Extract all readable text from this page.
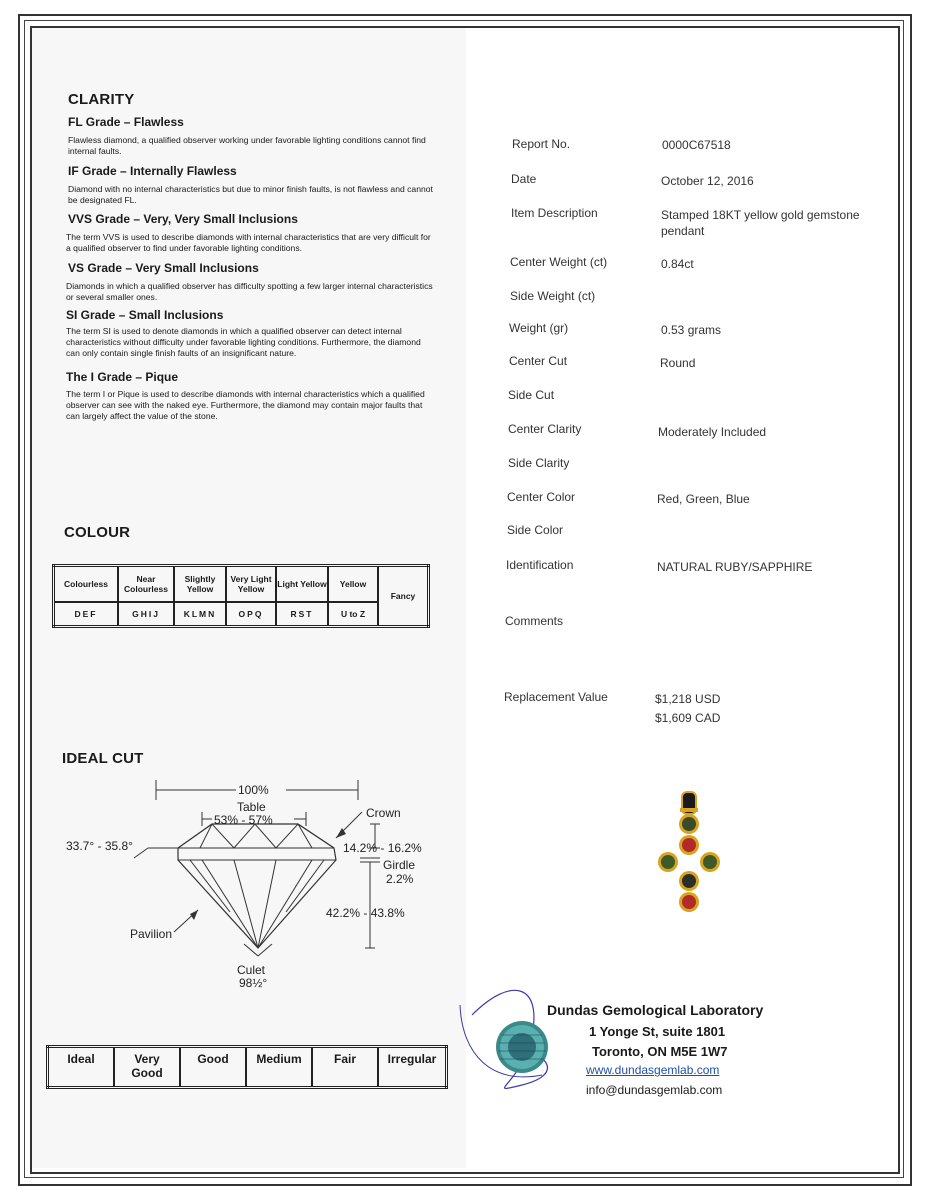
CLARITY
FL Grade – Flawless
Flawless diamond, a qualified observer working under favorable lighting conditions cannot find internal faults.
IF Grade – Internally Flawless
Diamond with no internal characteristics but due to minor finish faults, is not flawless and cannot be designated FL.
VVS Grade – Very, Very Small Inclusions
The term VVS is used to describe diamonds with internal characteristics that are very difficult for a qualified observer to find under favorable lighting conditions.
VS Grade – Very Small Inclusions
Diamonds in which a qualified observer has difficulty spotting a few larger internal characteristics or several smaller ones.
SI Grade – Small Inclusions
The term SI is used to denote diamonds in which a qualified observer can detect internal characteristics without difficulty under favorable lighting conditions. Furthermore, the diamond can only contain single finish faults of an insignificant nature.
The I Grade – Pique
The term I or Pique is used to describe diamonds with internal characteristics which a qualified observer can see with the naked eye. Furthermore, the diamond may contain major faults that can largely affect the value of the stone.
COLOUR
Colourless	Near Colourless	Slightly Yellow	Very Light Yellow	Light Yellow	Yellow	Fancy
DEF	GHIJ	KLMN	OPQ	RST	U to Z	
IDEAL CUT
100%
Table
53% - 57%	Crown
33.7° - 35.8°	14.2% - 16.2%
Girdle
2.2%
42.2% - 43.8%
Pavilion
Culet
98½°
Ideal	Very Good	Good	Medium	Fair	Irregular
Report No.	0000C67518
Date	October 12, 2016
Item Description	Stamped 18KT yellow gold gemstone pendant
Center Weight (ct)	0.84ct
Side Weight (ct)
Weight (gr)	0.53 grams
Center Cut	Round
Side Cut
Center Clarity	Moderately Included
Side Clarity
Center Color	Red, Green, Blue
Side Color
Identification	NATURAL RUBY/SAPPHIRE
Comments
Replacement Value	$1,218 USD
$1,609 CAD
Dundas Gemological Laboratory
1 Yonge St, suite 1801
Toronto, ON M5E 1W7
www.dundasgemlab.com
info@dundasgemlab.com
